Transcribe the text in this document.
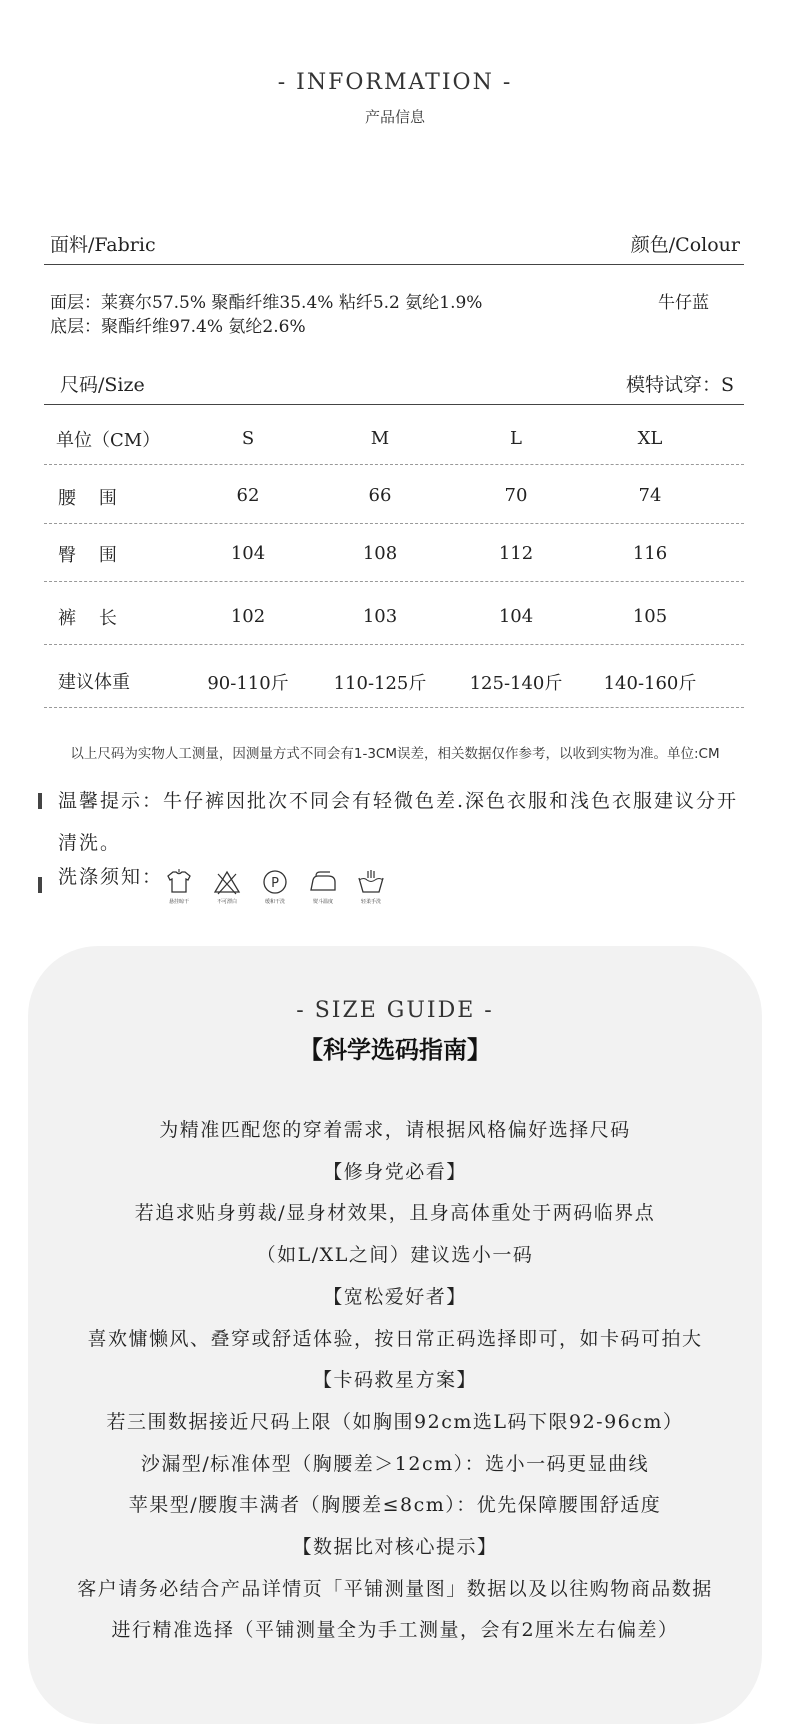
- INFORMATION -
产品信息
面料/Fabric	颜色/Colour
面层：莱赛尔57.5% 聚酯纤维35.4% 粘纤5.2 氨纶1.9%
底层：聚酯纤维97.4% 氨纶2.6%
牛仔蓝
尺码/Size	模特试穿：S
单位（CM）	S	M	L	XL
腰    围	62	66	70	74
臀    围	104	108	112	116
裤    长	102	103	104	105
建议体重	90-110斤	110-125斤	125-140斤	140-160斤
以上尺码为实物人工测量，因测量方式不同会有1-3CM误差，相关数据仅作参考，以收到实物为准。单位:CM
温馨提示：牛仔裤因批次不同会有轻微色差.深色衣服和浅色衣服建议分开清洗。
洗涤须知：
悬挂晾干	不可漂白
P
缓和干洗	熨斗温度	轻柔手洗
- SIZE GUIDE -
【科学选码指南】
为精准匹配您的穿着需求，请根据风格偏好选择尺码
【修身党必看】
若追求贴身剪裁/显身材效果，且身高体重处于两码临界点
（如L/XL之间）建议选小一码
【宽松爱好者】
喜欢慵懒风、叠穿或舒适体验，按日常正码选择即可，如卡码可拍大
【卡码救星方案】
若三围数据接近尺码上限（如胸围92cm选L码下限92-96cm）
沙漏型/标准体型（胸腰差＞12cm）：选小一码更显曲线
苹果型/腰腹丰满者（胸腰差≤8cm）：优先保障腰围舒适度
【数据比对核心提示】
客户请务必结合产品详情页「平铺测量图」数据以及以往购物商品数据
进行精准选择（平铺测量全为手工测量，会有2厘米左右偏差）
